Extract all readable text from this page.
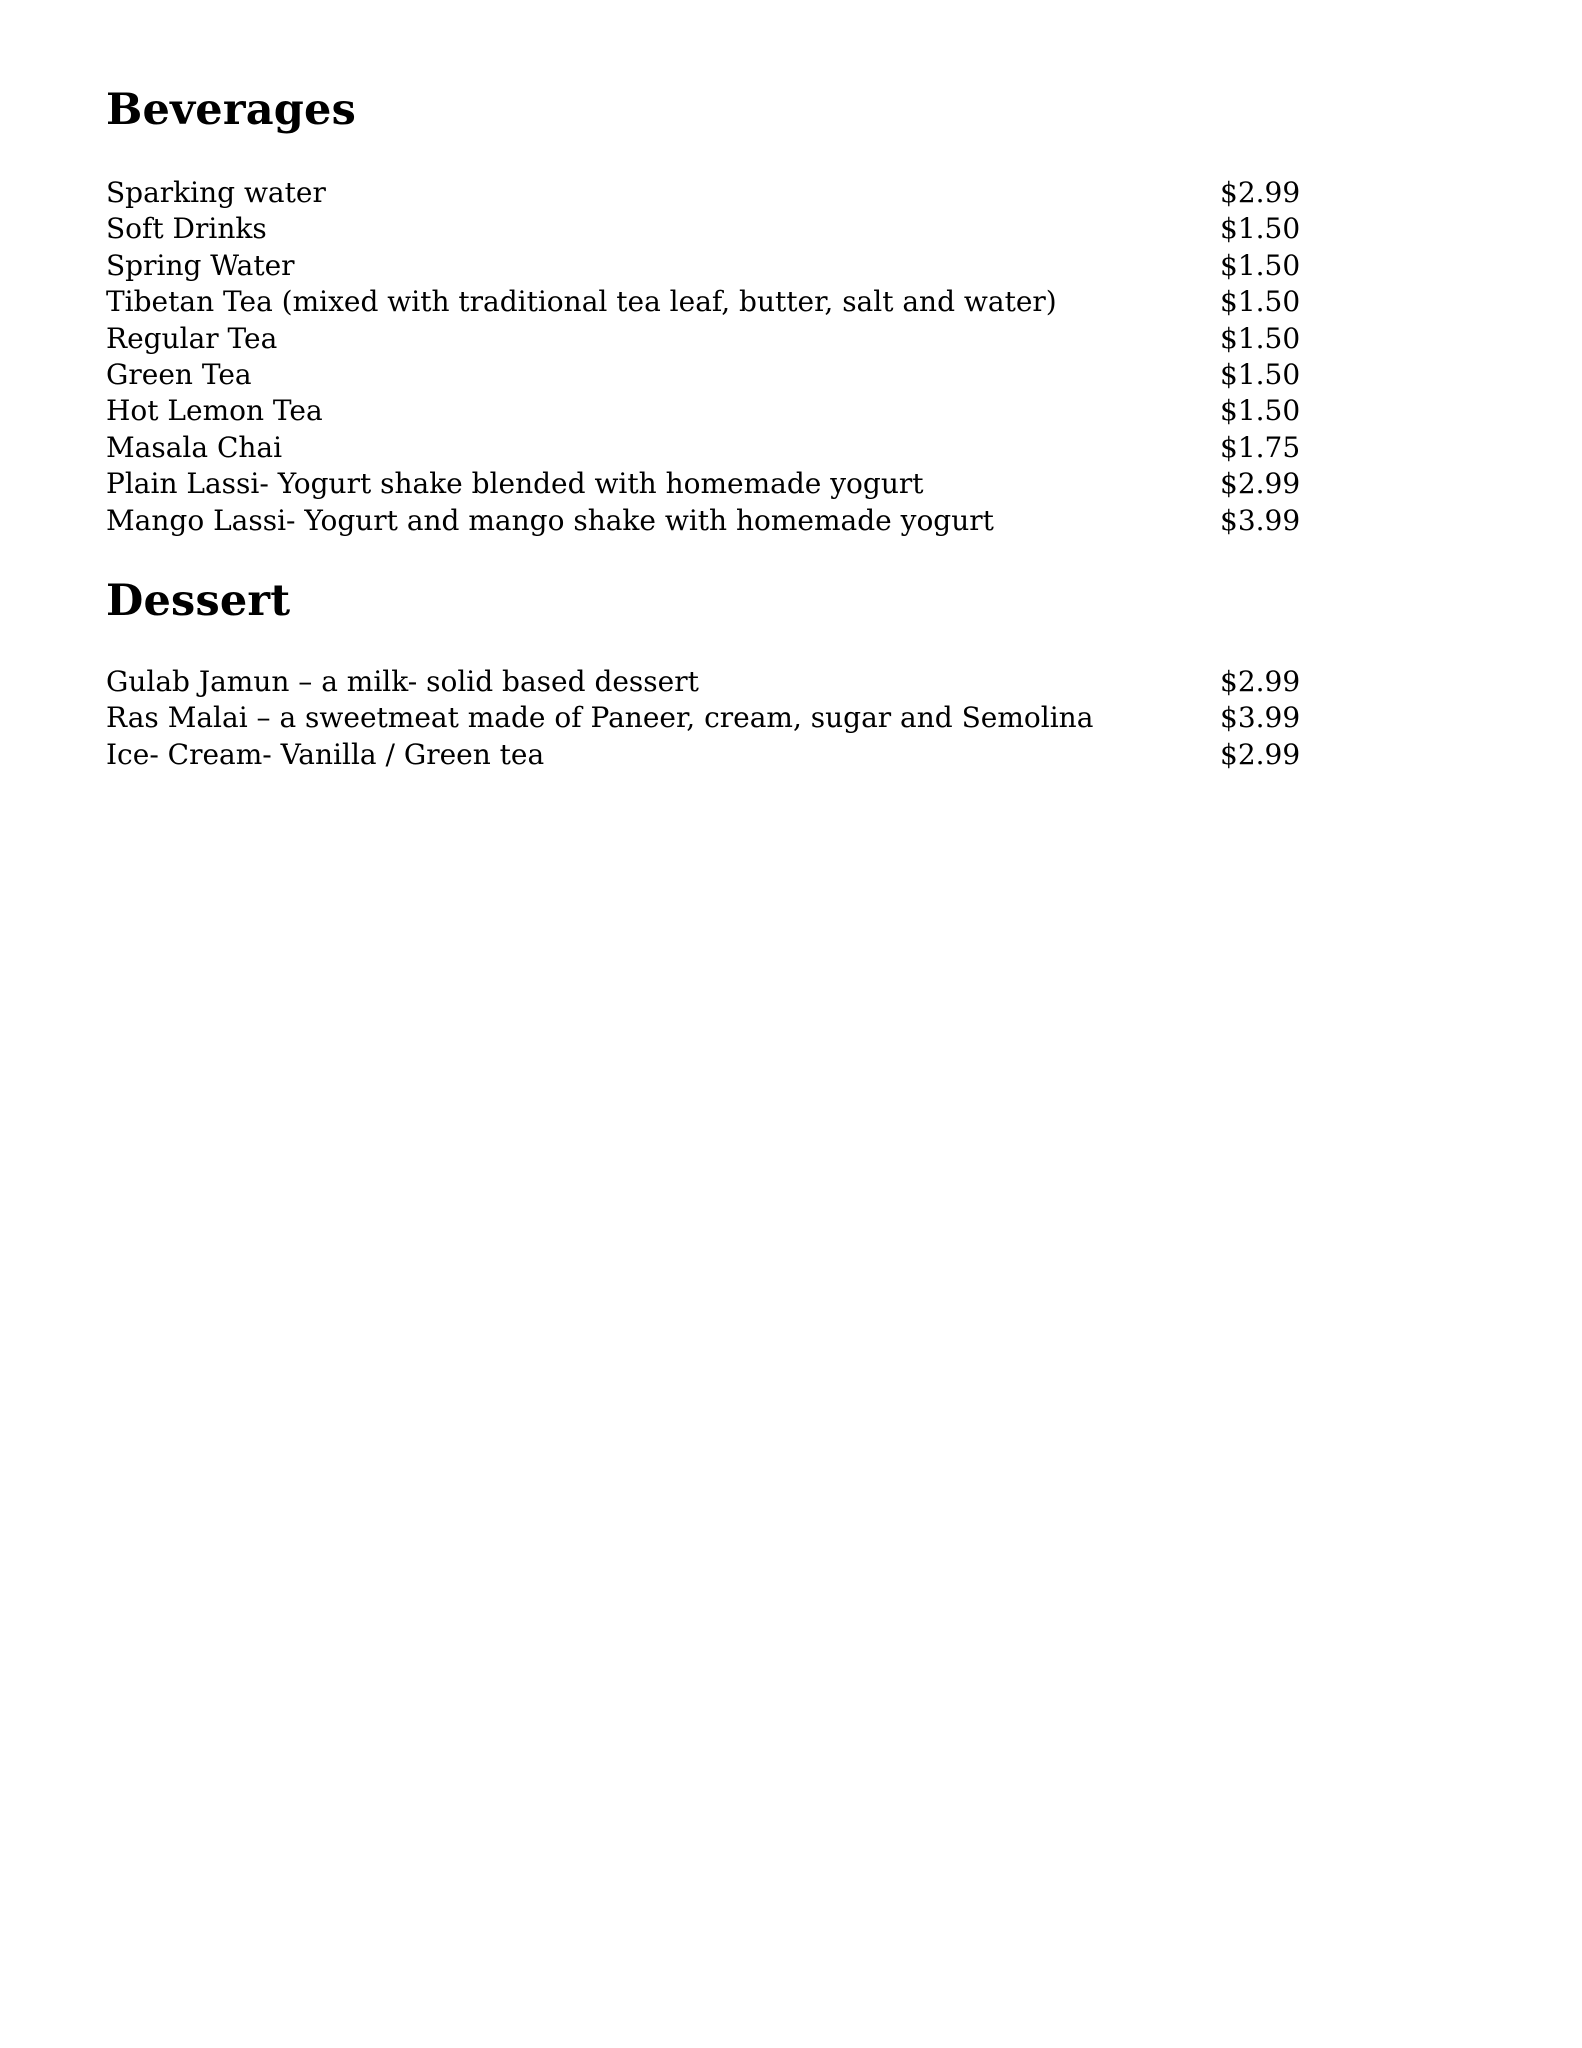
Beverages
Sparking water	$2.99
Soft Drinks	$1.50
Spring Water	$1.50
Tibetan Tea (mixed with traditional tea leaf, butter, salt and water)	$1.50
Regular Tea	$1.50
Green Tea	$1.50
Hot Lemon Tea	$1.50
Masala Chai	$1.75
Plain Lassi- Yogurt shake blended with homemade yogurt	$2.99
Mango Lassi- Yogurt and mango shake with homemade yogurt	$3.99
Dessert
Gulab Jamun – a milk- solid based dessert	$2.99
Ras Malai – a sweetmeat made of Paneer, cream, sugar and Semolina	$3.99
Ice- Cream- Vanilla / Green tea	$2.99
